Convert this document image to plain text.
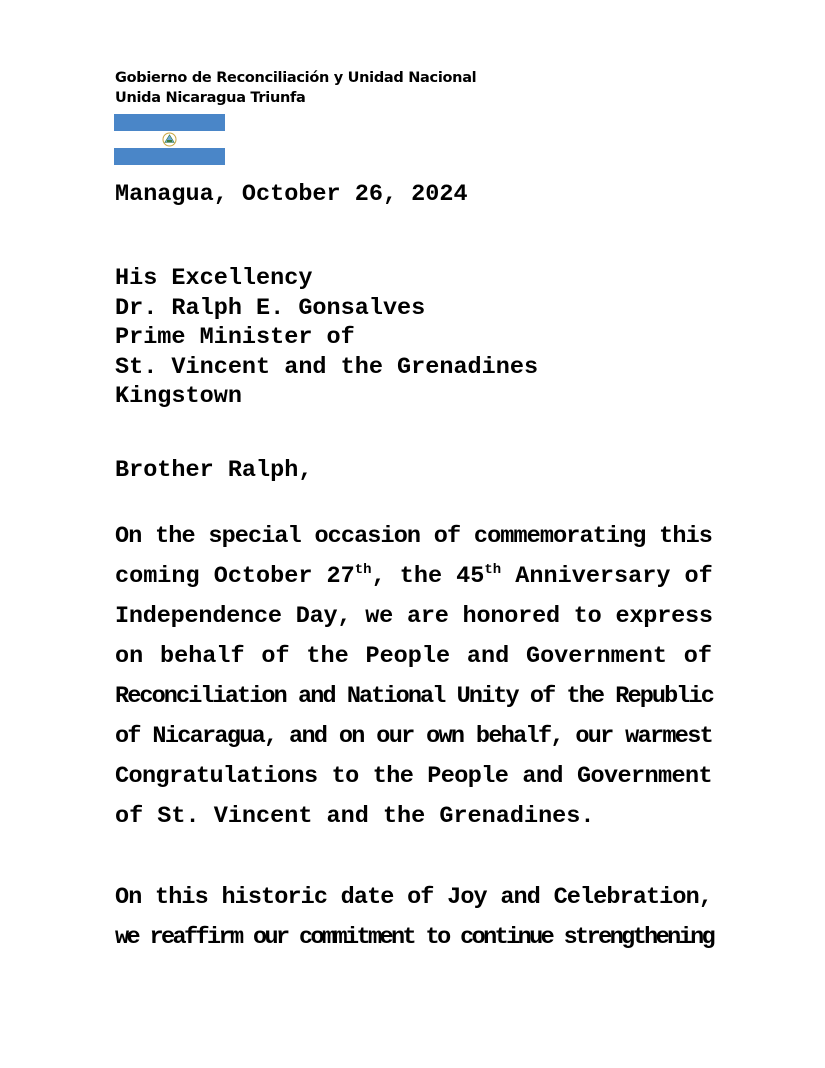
Gobierno de Reconciliación y Unidad Nacional
Unida Nicaragua Triunfa
Managua, October 26, 2024
His Excellency
Dr. Ralph E. Gonsalves
Prime Minister of
St. Vincent and the Grenadines
Kingstown
Brother Ralph,
On the special occasion of commemorating this
coming October 27th, the 45th Anniversary of
Independence Day, we are honored to express
on behalf of the People and Government of
Reconciliation and National Unity of the Republic
of Nicaragua, and on our own behalf, our warmest
Congratulations to the People and Government
of St. Vincent and the Grenadines.
On this historic date of Joy and Celebration,
we reaffirm our commitment to continue strengthening
